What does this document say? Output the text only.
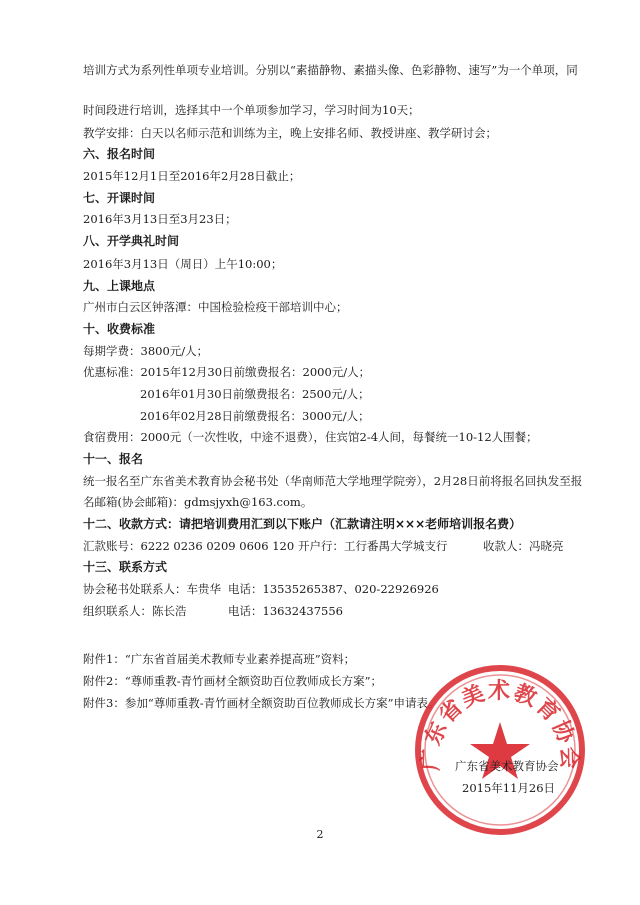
培训方式为系列性单项专业培训。分别以“素描静物、素描头像、色彩静物、速写”为一个单项，同
时间段进行培训，选择其中一个单项参加学习，学习时间为10天；
教学安排：白天以名师示范和训练为主，晚上安排名师、教授讲座、教学研讨会；
六、报名时间
2015年12月1日至2016年2月28日截止；
七、开课时间
2016年3月13日至3月23日；
八、开学典礼时间
2016年3月13日（周日）上午10:00；
九、上课地点
广州市白云区钟落潭：中国检验检疫干部培训中心；
十、收费标准
每期学费：3800元/人；
优惠标准：2015年12月30日前缴费报名：2000元/人；
2016年01月30日前缴费报名：2500元/人；
2016年02月28日前缴费报名：3000元/人；
食宿费用：2000元（一次性收，中途不退费），住宾馆2-4人间，每餐统一10-12人围餐；
十一、报名
统一报名至广东省美术教育协会秘书处（华南师范大学地理学院旁），2月28日前将报名回执发至报
名邮箱(协会邮箱)：gdmsjyxh@163.com。
十二、收款方式：请把培训费用汇到以下账户（汇款请注明×××老师培训报名费）
汇款账号：6222 0236 0209 0606 120 开户行：工行番禺大学城支行	收款人：冯晓亮
十三、联系方式
协会秘书处联系人：车贵华 电话：13535265387、020-22926926
组织联系人：陈长浩	电话：13632437556
附件1：“广东省首届美术教师专业素养提高班”资料；
附件2：“尊师重教-青竹画材全额资助百位教师成长方案”；
附件3：参加“尊师重教-青竹画材全额资助百位教师成长方案”申请表。
广东省美术教育协会
广东省美术教育协会
2015年11月26日
2
